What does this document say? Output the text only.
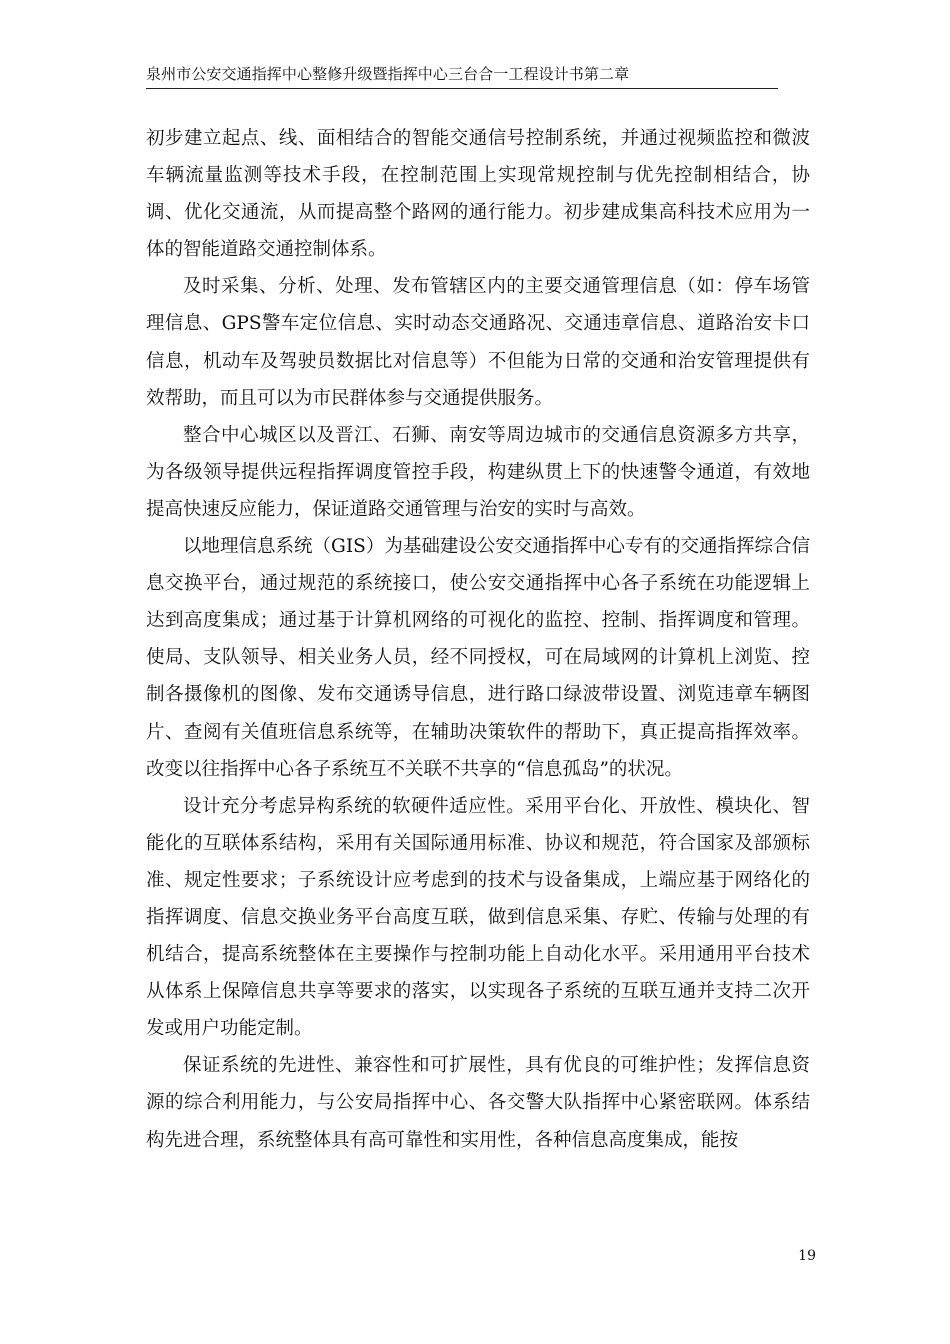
泉州市公安交通指挥中心整修升级暨指挥中心三台合一工程设计书第二章

初步建立起点、线、面相结合的智能交通信号控制系统，并通过视频监控和微波车辆流量监测等技术手段，在控制范围上实现常规控制与优先控制相结合，协调、优化交通流，从而提高整个路网的通行能力。初步建成集高科技术应用为一体的智能道路交通控制体系。

及时采集、分析、处理、发布管辖区内的主要交通管理信息（如：停车场管理信息、GPS警车定位信息、实时动态交通路况、交通违章信息、道路治安卡口信息，机动车及驾驶员数据比对信息等）不但能为日常的交通和治安管理提供有效帮助，而且可以为市民群体参与交通提供服务。

整合中心城区以及晋江、石狮、南安等周边城市的交通信息资源多方共享，为各级领导提供远程指挥调度管控手段，构建纵贯上下的快速警令通道，有效地提高快速反应能力，保证道路交通管理与治安的实时与高效。

以地理信息系统（GIS）为基础建设公安交通指挥中心专有的交通指挥综合信息交换平台，通过规范的系统接口，使公安交通指挥中心各子系统在功能逻辑上达到高度集成；通过基于计算机网络的可视化的监控、控制、指挥调度和管理。使局、支队领导、相关业务人员，经不同授权，可在局域网的计算机上浏览、控制各摄像机的图像、发布交通诱导信息，进行路口绿波带设置、浏览违章车辆图片、查阅有关值班信息系统等，在辅助决策软件的帮助下，真正提高指挥效率。改变以往指挥中心各子系统互不关联不共享的“信息孤岛”的状况。

设计充分考虑异构系统的软硬件适应性。采用平台化、开放性、模块化、智能化的互联体系结构，采用有关国际通用标准、协议和规范，符合国家及部颁标准、规定性要求；子系统设计应考虑到的技术与设备集成，上端应基于网络化的指挥调度、信息交换业务平台高度互联，做到信息采集、存贮、传输与处理的有机结合，提高系统整体在主要操作与控制功能上自动化水平。采用通用平台技术从体系上保障信息共享等要求的落实，以实现各子系统的互联互通并支持二次开发或用户功能定制。

保证系统的先进性、兼容性和可扩展性，具有优良的可维护性；发挥信息资源的综合利用能力，与公安局指挥中心、各交警大队指挥中心紧密联网。体系结构先进合理，系统整体具有高可靠性和实用性，各种信息高度集成，能按

19
